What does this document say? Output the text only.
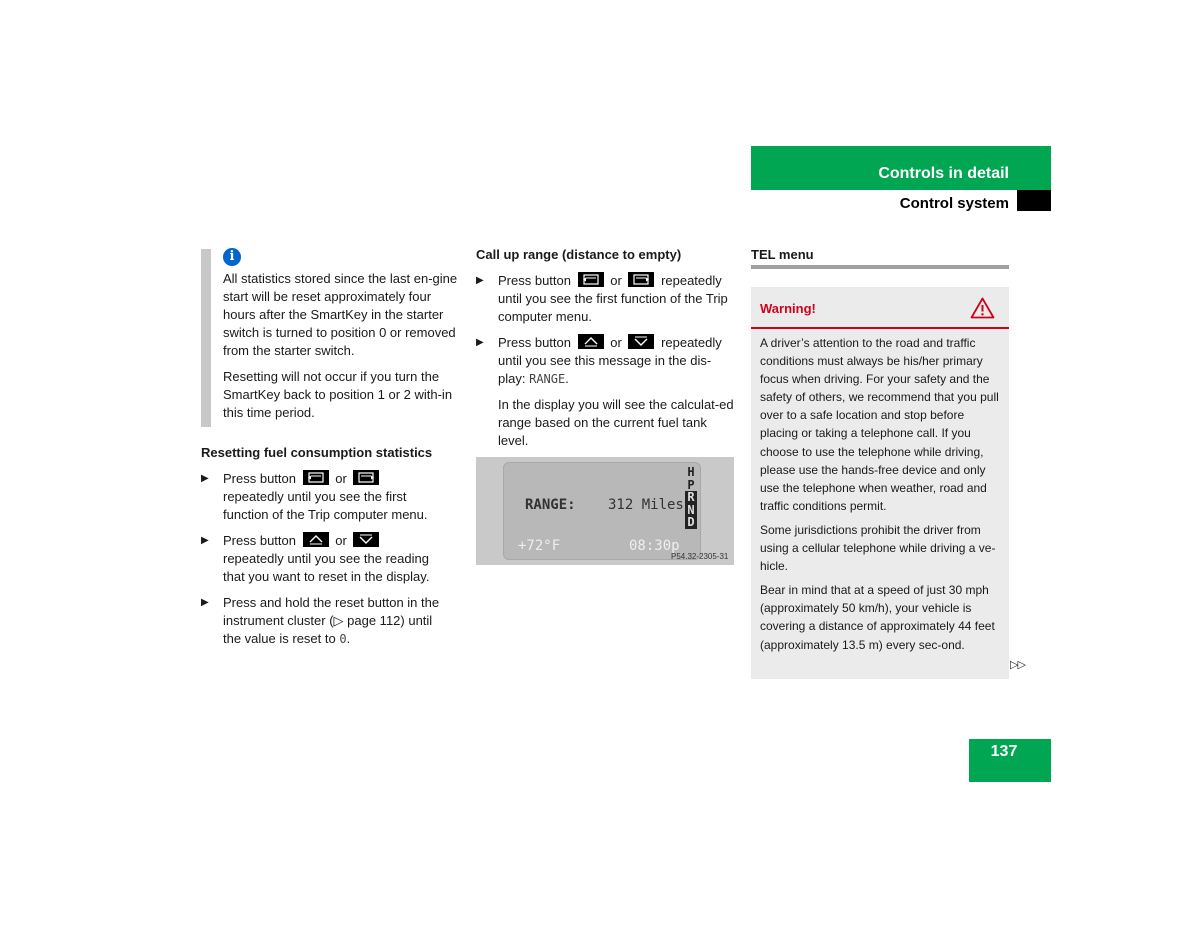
Controls in detail
Control system
i

All statistics stored since the last en-gine start will be reset approximately four hours after the SmartKey in the starter switch is turned to position 0 or removed from the starter switch.

Resetting will not occur if you turn the SmartKey back to position 1 or 2 with-in this time period.

Resetting fuel consumption statistics
▶ Press button	or
repeatedly until you see the first function of the Trip computer menu.
▶ Press button	or
repeatedly until you see the reading that you want to reset in the display.
▶ Press and hold the reset button in the instrument cluster (▷ page 112) until the value is reset to 0.
Call up range (distance to empty)
▶ Press button	or	repeatedly until you see the first function of the Trip computer menu.
▶ Press button	or	repeatedly until you see this message in the dis-play: RANGE.

In the display you will see the calculat-ed range based on the current fuel tank level.

RANGE: 312 Miles
+72°F	08:30p
H
P
R
N
D
P54.32-2305-31
TEL menu
Warning!

A driver’s attention to the road and traffic conditions must always be his/her primary focus when driving. For your safety and the safety of others, we recommend that you pull over to a safe location and stop before placing or taking a telephone call. If you choose to use the telephone while driving, please use the hands-free device and only use the telephone when weather, road and traffic conditions permit.

Some jurisdictions prohibit the driver from using a cellular telephone while driving a ve-hicle.

Bear in mind that at a speed of just 30 mph (approximately 50 km/h), your vehicle is covering a distance of approximately 44 feet (approximately 13.5 m) every sec-ond.

▷▷
137
